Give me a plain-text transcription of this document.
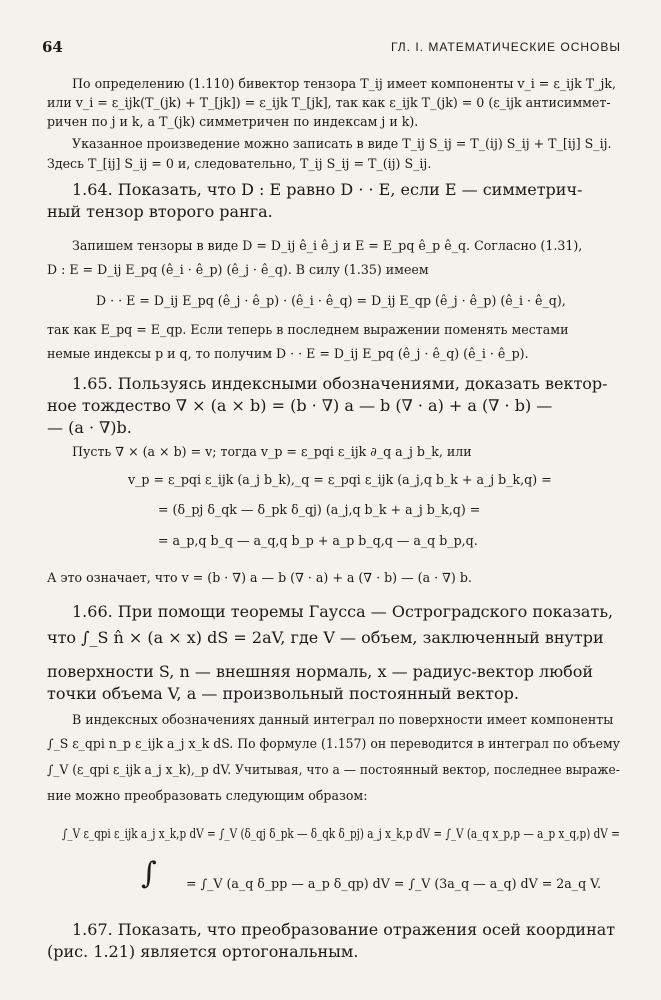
64	ГЛ. I. МАТЕМАТИЧЕСКИЕ ОСНОВЫ
По определению (1.110) бивектор тензора T_ij имеет компоненты v_i = ε_ijk T_jk,
или v_i = ε_ijk(T_(jk) + T_[jk]) = ε_ijk T_[jk], так как ε_ijk T_(jk) = 0 (ε_ijk антисиммет-
ричен по j и k, а T_(jk) симметричен по индексам j и k).
Указанное произведение можно записать в виде T_ij S_ij = T_(ij) S_ij + T_[ij] S_ij.
Здесь T_[ij] S_ij = 0 и, следовательно, T_ij S_ij = T_(ij) S_ij.
1.64. Показать, что D : E равно D · · E, если E — симметрич-
ный тензор второго ранга.
Запишем тензоры в виде D = D_ij ê_i ê_j и E = E_pq ê_p ê_q. Согласно (1.31),
D : E = D_ij E_pq (ê_i · ê_p) (ê_j · ê_q). В силу (1.35) имеем
D · · E = D_ij E_pq (ê_j · ê_p) · (ê_i · ê_q) = D_ij E_qp (ê_j · ê_p) (ê_i · ê_q),
так как E_pq = E_qp. Если теперь в последнем выражении поменять местами
немые индексы p и q, то получим D · · E = D_ij E_pq (ê_j · ê_q) (ê_i · ê_p).
1.65. Пользуясь индексными обозначениями, доказать вектор-
ное тождество ∇ × (a × b) = (b · ∇) a — b (∇ · a) + a (∇ · b) —
— (a · ∇)b.
Пусть ∇ × (a × b) = v; тогда v_p = ε_pqi ε_ijk ∂_q a_j b_k, или
v_p = ε_pqi ε_ijk (a_j b_k),_q = ε_pqi ε_ijk (a_j,q b_k + a_j b_k,q) =
= (δ_pj δ_qk — δ_pk δ_qj) (a_j,q b_k + a_j b_k,q) =
= a_p,q b_q — a_q,q b_p + a_p b_q,q — a_q b_p,q.
А это означает, что v = (b · ∇) a — b (∇ · a) + a (∇ · b) — (a · ∇) b.
1.66. При помощи теоремы Гаусса — Остроградского показать,
что ∫_S n̂ × (a × x) dS = 2aV, где V — объем, заключенный внутри
поверхности S, n — внешняя нормаль, x — радиус-вектор любой
точки объема V, a — произвольный постоянный вектор.
В индексных обозначениях данный интеграл по поверхности имеет компоненты
∫_S ε_qpi n_p ε_ijk a_j x_k dS. По формуле (1.157) он переводится в интеграл по объему
∫_V (ε_qpi ε_ijk a_j x_k),_p dV. Учитывая, что a — постоянный вектор, последнее выраже-
ние можно преобразовать следующим образом:
∫_V ε_qpi ε_ijk a_j x_k,p dV = ∫_V (δ_qj δ_pk — δ_qk δ_pj) a_j x_k,p dV = ∫_V (a_q x_p,p — a_p x_q,p) dV =
∫ = ∫_V (a_q δ_pp — a_p δ_qp) dV = ∫_V (3a_q — a_q) dV = 2a_q V.
1.67. Показать, что преобразование отражения осей координат
(рис. 1.21) является ортогональным.
